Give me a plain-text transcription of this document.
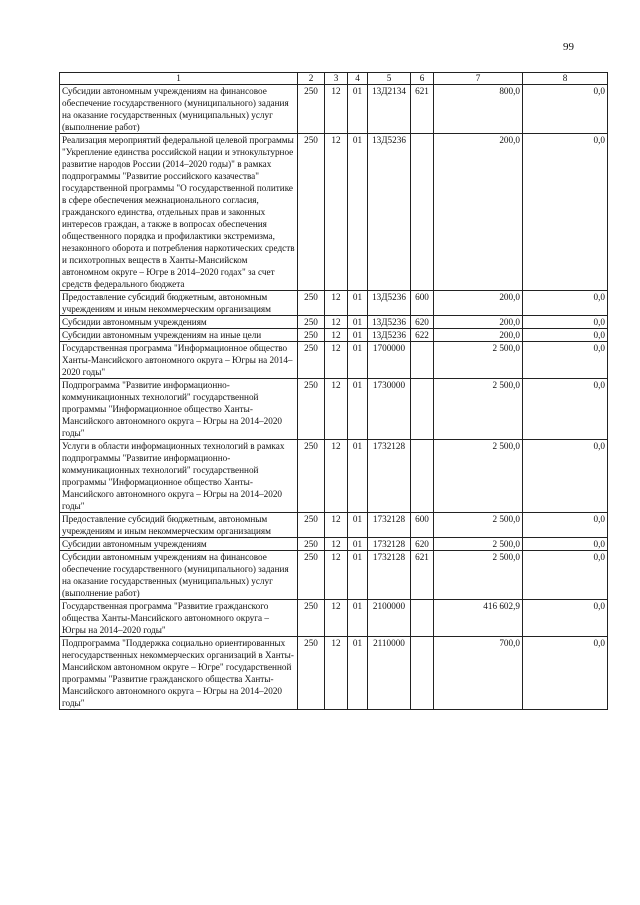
99
1	2	3	4	5	6	7	8
Субсидии автономным учреждениям на финансовое обеспечение государственного (муниципального) задания на оказание государственных (муниципальных) услуг (выполнение работ)	250	12	01	13Д2134	621	800,0	0,0
Реализация мероприятий федеральной целевой программы "Укрепление единства российской нации и этнокультурное развитие народов России (2014–2020 годы)" в рамках подпрограммы "Развитие российского казачества" государственной программы "О государственной политике в сфере обеспечения межнационального согласия, гражданского единства, отдельных прав и законных интересов граждан, а также в вопросах обеспечения общественного порядка и профилактики экстремизма, незаконного оборота и потребления наркотических средств и психотропных веществ в Ханты-Мансийском автономном округе – Югре в 2014–2020 годах" за счет средств федерального бюджета	250	12	01	13Д5236		200,0	0,0
Предоставление субсидий бюджетным, автономным учреждениям и иным некоммерческим организациям	250	12	01	13Д5236	600	200,0	0,0
Субсидии автономным учреждениям	250	12	01	13Д5236	620	200,0	0,0
Субсидии автономным учреждениям на иные цели	250	12	01	13Д5236	622	200,0	0,0
Государственная программа "Информационное общество Ханты-Мансийского автономного округа – Югры на 2014–2020 годы"	250	12	01	1700000		2 500,0	0,0
Подпрограмма "Развитие информационно-коммуникационных технологий" государственной программы "Информационное общество Ханты-Мансийского автономного округа – Югры на 2014–2020 годы"	250	12	01	1730000		2 500,0	0,0
Услуги в области информационных технологий в рамках подпрограммы "Развитие информационно-коммуникационных технологий" государственной программы "Информационное общество Ханты-Мансийского автономного округа – Югры на 2014–2020 годы"	250	12	01	1732128		2 500,0	0,0
Предоставление субсидий бюджетным, автономным учреждениям и иным некоммерческим организациям	250	12	01	1732128	600	2 500,0	0,0
Субсидии автономным учреждениям	250	12	01	1732128	620	2 500,0	0,0
Субсидии автономным учреждениям на финансовое обеспечение государственного (муниципального) задания на оказание государственных (муниципальных) услуг (выполнение работ)	250	12	01	1732128	621	2 500,0	0,0
Государственная программа "Развитие гражданского общества Ханты-Мансийского автономного округа – Югры на 2014–2020 годы"	250	12	01	2100000		416 602,9	0,0
Подпрограмма "Поддержка социально ориентированных негосударственных некоммерческих организаций в Ханты-Мансийском автономном округе – Югре" государственной программы "Развитие гражданского общества Ханты-Мансийского автономного округа – Югры на 2014–2020 годы"	250	12	01	2110000		700,0	0,0
